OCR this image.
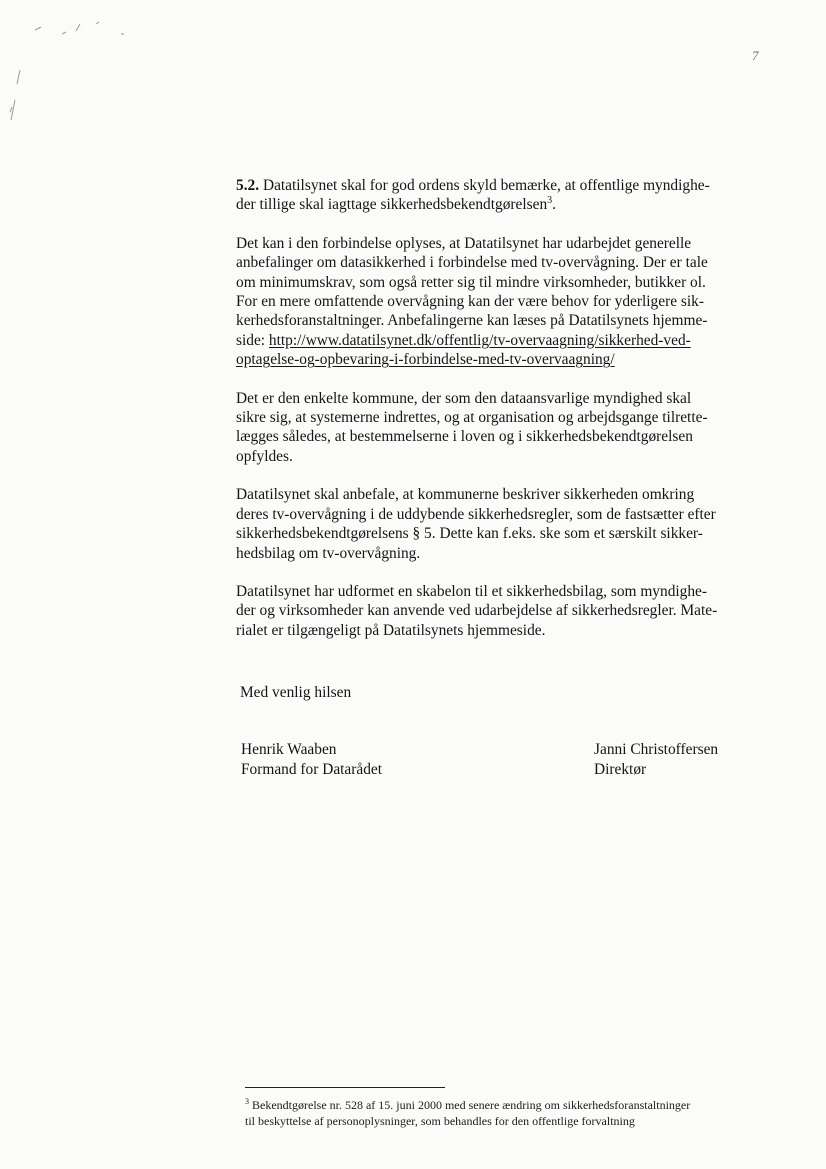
7

5.2. Datatilsynet skal for god ordens skyld bemærke, at offentlige myndighe-
der tillige skal iagttage sikkerhedsbekendtgørelsen$^3$.

Det kan i den forbindelse oplyses, at Datatilsynet har udarbejdet generelle
anbefalinger om datasikkerhed i forbindelse med tv-overvågning. Der er tale
om minimumskrav, som også retter sig til mindre virksomheder, butikker ol.
For en mere omfattende overvågning kan der være behov for yderligere sik-
kerhedsforanstaltninger. Anbefalingerne kan læses på Datatilsynets hjemme-
side: http://www.datatilsynet.dk/offentlig/tv-overvaagning/sikkerhed-ved-
optagelse-og-opbevaring-i-forbindelse-med-tv-overvaagning/

Det er den enkelte kommune, der som den dataansvarlige myndighed skal
sikre sig, at systemerne indrettes, og at organisation og arbejdsgange tilrette-
lægges således, at bestemmelserne i loven og i sikkerhedsbekendtgørelsen
opfyldes.

Datatilsynet skal anbefale, at kommunerne beskriver sikkerheden omkring
deres tv-overvågning i de uddybende sikkerhedsregler, som de fastsætter efter
sikkerhedsbekendtgørelsens § 5. Dette kan f.eks. ske som et særskilt sikker-
hedsbilag om tv-overvågning.

Datatilsynet har udformet en skabelon til et sikkerhedsbilag, som myndighe-
der og virksomheder kan anvende ved udarbejdelse af sikkerhedsregler. Mate-
rialet er tilgængeligt på Datatilsynets hjemmeside.

Med venlig hilsen
Henrik Waaben
Formand for Datarådet
Janni Christoffersen
Direktør
$^3$ Bekendtgørelse nr. 528 af 15. juni 2000 med senere ændring om sikkerhedsforanstaltninger
til beskyttelse af personoplysninger, som behandles for den offentlige forvaltning
